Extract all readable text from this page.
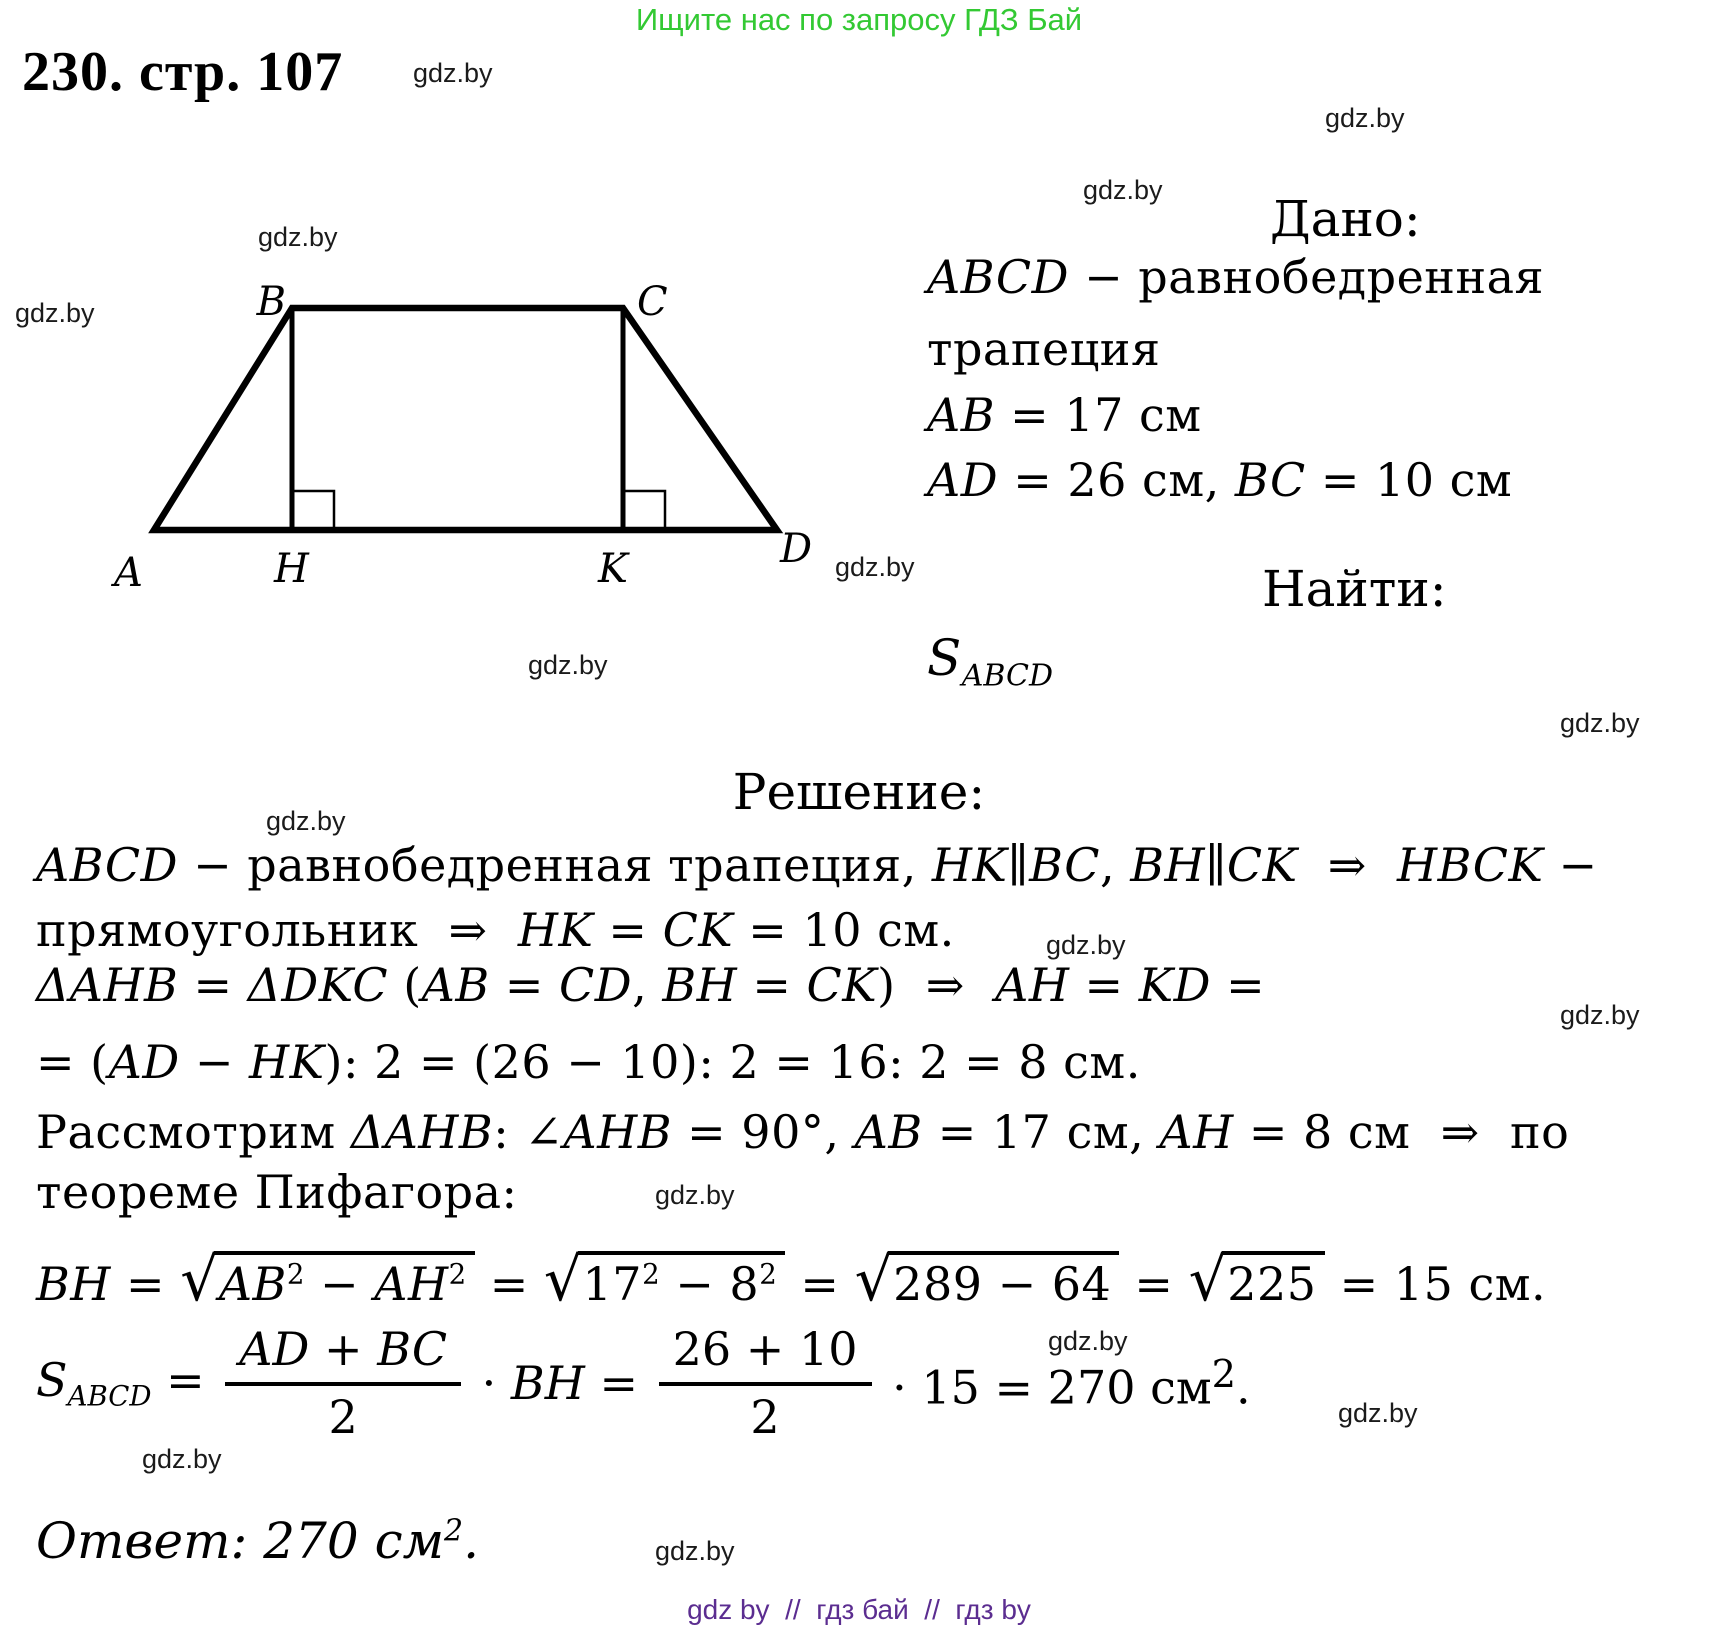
Ищите нас по запросу ГДЗ Бай
230. стр. 107	gdz.by
gdz.by
gdz.by
gdz.by
gdz.by
gdz.by
gdz.by
gdz.by
gdz.by
gdz.by
gdz.by
gdz.by
gdz.by
gdz.by
gdz.by
gdz.by
B	C
A	H	K	D
Дано:
ABCD − равнобедренная
трапеция
AB = 17 см
AD = 26 см, BC = 10 см
Найти:
$S_{ABCD}$
Решение:
ABCD − равнобедренная трапеция, HK∥BC, BH∥CK  ⇒  HBCK −
прямоугольник  ⇒  HK = CK = 10 см.
ΔAHB = ΔDKC (AB = CD, BH = CK)  ⇒  AH = KD =
= (AD − HK): 2 = (26 − 10): 2 = 16: 2 = 8 см.
Рассмотрим ΔAHB: ∠AHB = 90°, AB = 17 см, AH = 8 см  ⇒  по
теореме Пифагора:
BH = √ $AB^2 - AH^2$ = √ $17^2 - 8^2$ = √ 289 − 64 = √ 225 = 15 см.
$S_{ABCD} = \frac{AD + BC}{2}$ · BH = $\frac{26 + 10}{2} \cdot 15 = 270$ $см^2$.
Ответ: 270 $см^2$.
gdz by  //  гдз бай  //  гдз by
